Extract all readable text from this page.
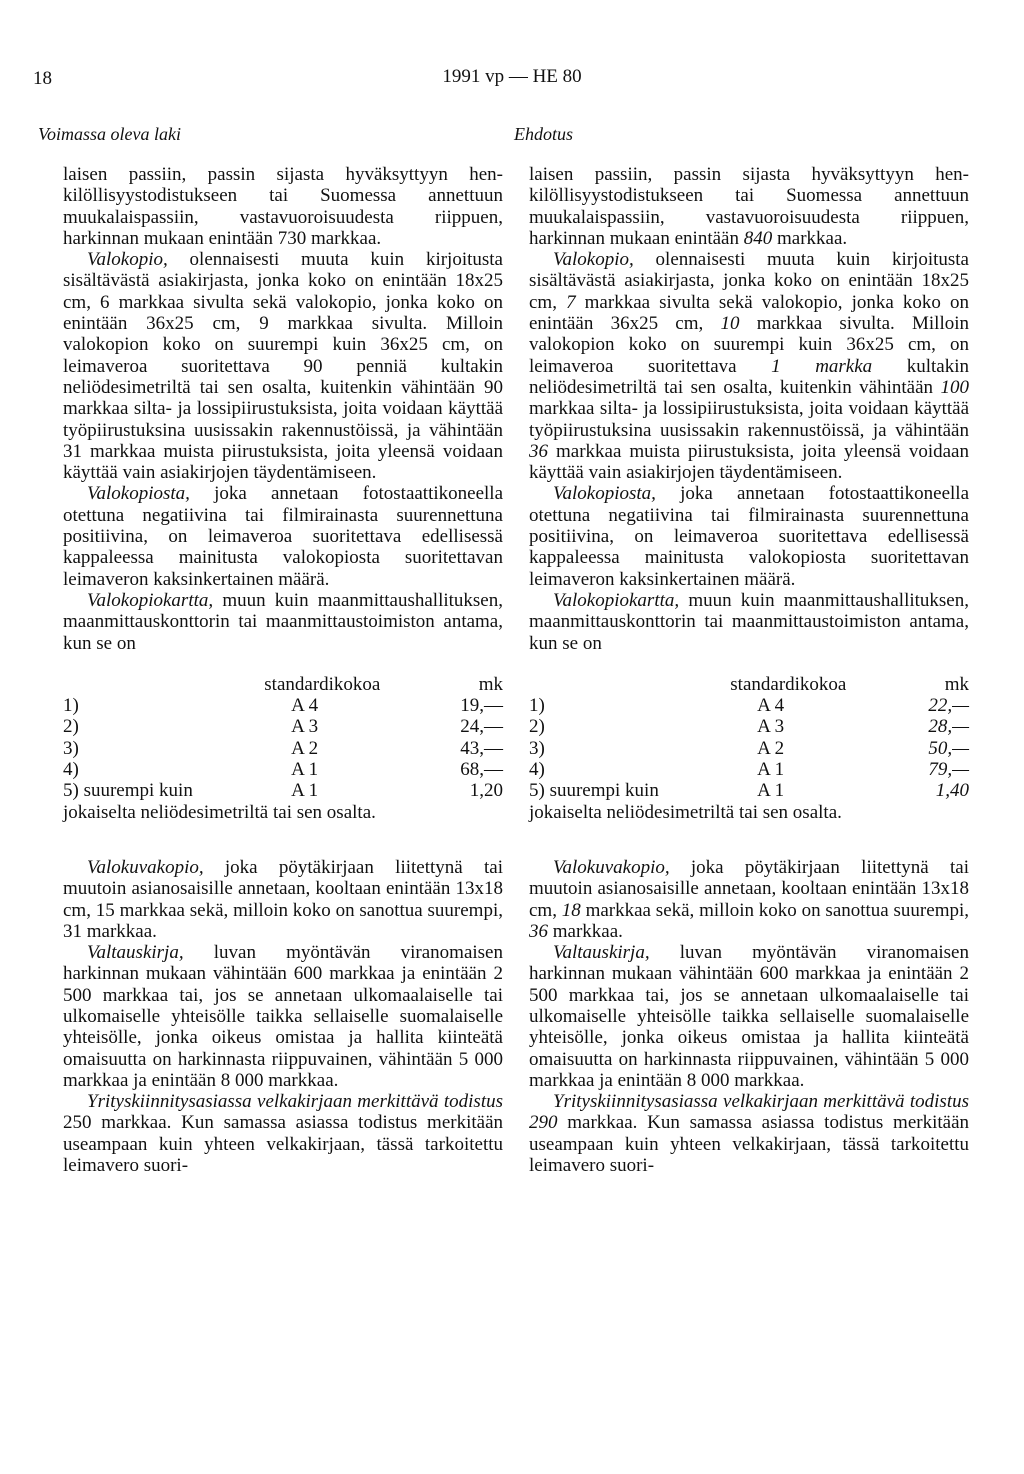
18	1991 vp — HE 80
Voimassa oleva laki	Ehdotus

laisen passiin, passin sijasta hyväksyttyyn henkilöllisyystodistukseen tai Suomessa annettuun muukalaispassiin, vastavuoroisuudesta riippuen, harkinnan mukaan enintään 730 markkaa.

Valokopio, olennaisesti muuta kuin kirjoitusta sisältävästä asiakirjasta, jonka koko on enintään 18x25 cm, 6 markkaa sivulta sekä valokopio, jonka koko on enintään 36x25 cm, 9 markkaa sivulta. Milloin valokopion koko on suurempi kuin 36x25 cm, on leimaveroa suoritettava 90 penniä kultakin neliödesimetriltä tai sen osalta, kuitenkin vähintään 90 markkaa silta- ja lossipiirustuksista, joita voidaan käyttää työpiirustuksina uusissakin rakennustöissä, ja vähintään 31 markkaa muista piirustuksista, joita yleensä voidaan käyttää vain asiakirjojen täydentämiseen.

Valokopiosta, joka annetaan fotostaattikoneella otettuna negatiivina tai filmirainasta suurennettuna positiivina, on leimaveroa suoritettava edellisessä kappaleessa mainitusta valokopiosta suoritettavan leimaveron kaksinkertainen määrä.

Valokopiokartta, muun kuin maanmittaushallituksen, maanmittauskonttorin tai maanmittaustoimiston antama, kun se on

	standardikokoa	mk
1)	A 4	19,—
2)	A 3	24,—
3)	A 2	43,—
4)	A 1	68,—
5) suurempi kuin	A 1	1,20

jokaiselta neliödesimetriltä tai sen osalta.

Valokuvakopio, joka pöytäkirjaan liitettynä tai muutoin asianosaisille annetaan, kooltaan enintään 13x18 cm, 15 markkaa sekä, milloin koko on sanottua suurempi, 31 markkaa.

Valtauskirja, luvan myöntävän viranomaisen harkinnan mukaan vähintään 600 markkaa ja enintään 2 500 markkaa tai, jos se annetaan ulkomaalaiselle tai ulkomaiselle yhteisölle taikka sellaiselle suomalaiselle yhteisölle, jonka oikeus omistaa ja hallita kiinteätä omaisuutta on harkinnasta riippuvainen, vähintään 5 000 markkaa ja enintään 8 000 markkaa.

Yrityskiinnitysasiassa velkakirjaan merkittävä todistus 250 markkaa. Kun samassa asiassa todistus merkitään useampaan kuin yhteen velkakirjaan, tässä tarkoitettu leimavero suori-

laisen passiin, passin sijasta hyväksyttyyn henkilöllisyystodistukseen tai Suomessa annettuun muukalaispassiin, vastavuoroisuudesta riippuen, harkinnan mukaan enintään 840 markkaa.

Valokopio, olennaisesti muuta kuin kirjoitusta sisältävästä asiakirjasta, jonka koko on enintään 18x25 cm, 7 markkaa sivulta sekä valokopio, jonka koko on enintään 36x25 cm, 10 markkaa sivulta. Milloin valokopion koko on suurempi kuin 36x25 cm, on leimaveroa suoritettava 1 markka kultakin neliödesimetriltä tai sen osalta, kuitenkin vähintään 100 markkaa silta- ja lossipiirustuksista, joita voidaan käyttää työpiirustuksina uusissakin rakennustöissä, ja vähintään 36 markkaa muista piirustuksista, joita yleensä voidaan käyttää vain asiakirjojen täydentämiseen.

Valokopiosta, joka annetaan fotostaattikoneella otettuna negatiivina tai filmirainasta suurennettuna positiivina, on leimaveroa suoritettava edellisessä kappaleessa mainitusta valokopiosta suoritettavan leimaveron kaksinkertainen määrä.

Valokopiokartta, muun kuin maanmittaushallituksen, maanmittauskonttorin tai maanmittaustoimiston antama, kun se on

	standardikokoa	mk
1)	A 4	22,—
2)	A 3	28,—
3)	A 2	50,—
4)	A 1	79,—
5) suurempi kuin	A 1	1,40

jokaiselta neliödesimetriltä tai sen osalta.

Valokuvakopio, joka pöytäkirjaan liitettynä tai muutoin asianosaisille annetaan, kooltaan enintään 13x18 cm, 18 markkaa sekä, milloin koko on sanottua suurempi, 36 markkaa.

Valtauskirja, luvan myöntävän viranomaisen harkinnan mukaan vähintään 600 markkaa ja enintään 2 500 markkaa tai, jos se annetaan ulkomaalaiselle tai ulkomaiselle yhteisölle taikka sellaiselle suomalaiselle yhteisölle, jonka oikeus omistaa ja hallita kiinteätä omaisuutta on harkinnasta riippuvainen, vähintään 5 000 markkaa ja enintään 8 000 markkaa.

Yrityskiinnitysasiassa velkakirjaan merkittävä todistus 290 markkaa. Kun samassa asiassa todistus merkitään useampaan kuin yhteen velkakirjaan, tässä tarkoitettu leimavero suori-
